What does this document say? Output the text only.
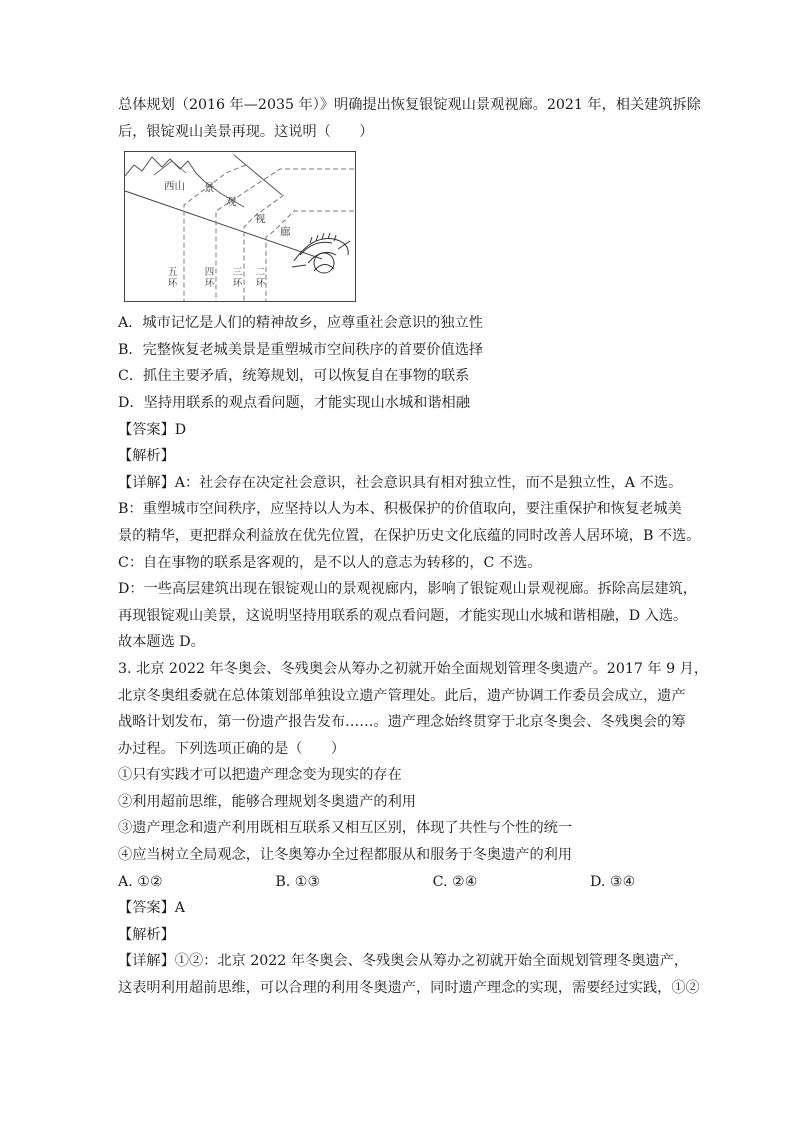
总体规划（2016 年—2035 年）》明确提出恢复银锭观山景观视廊。2021 年，相关建筑拆除
后，银锭观山美景再现。这说明（　　）
西山 景
观
视
廊
五
环
四
环
三
环
二
环
A．城市记忆是人们的精神故乡，应尊重社会意识的独立性
B．完整恢复老城美景是重塑城市空间秩序的首要价值选择
C．抓住主要矛盾，统筹规划，可以恢复自在事物的联系
D．坚持用联系的观点看问题，才能实现山水城和谐相融
【答案】D
【解析】
【详解】A：社会存在决定社会意识，社会意识具有相对独立性，而不是独立性，A 不选。
B：重塑城市空间秩序，应坚持以人为本、积极保护的价值取向，要注重保护和恢复老城美
景的精华，更把群众利益放在优先位置，在保护历史文化底蕴的同时改善人居环境，B 不选。
C：自在事物的联系是客观的，是不以人的意志为转移的，C 不选。
D：一些高层建筑出现在银锭观山的景观视廊内，影响了银锭观山景观视廊。拆除高层建筑，
再现银锭观山美景，这说明坚持用联系的观点看问题，才能实现山水城和谐相融，D 入选。
故本题选 D。
3. 北京 2022 年冬奥会、冬残奥会从筹办之初就开始全面规划管理冬奥遗产。2017 年 9 月，
北京冬奥组委就在总体策划部单独设立遗产管理处。此后，遗产协调工作委员会成立，遗产
战略计划发布，第一份遗产报告发布……。遗产理念始终贯穿于北京冬奥会、冬残奥会的筹
办过程。下列选项正确的是（　　）
①只有实践才可以把遗产理念变为现实的存在
②利用超前思维，能够合理规划冬奥遗产的利用
③遗产理念和遗产利用既相互联系又相互区别，体现了共性与个性的统一
④应当树立全局观念，让冬奥筹办全过程都服从和服务于冬奥遗产的利用
A. ①②	B. ①③	C. ②④	D. ③④
【答案】A
【解析】
【详解】①②：北京 2022 年冬奥会、冬残奥会从筹办之初就开始全面规划管理冬奥遗产，
这表明利用超前思维，可以合理的利用冬奥遗产，同时遗产理念的实现，需要经过实践，①②
